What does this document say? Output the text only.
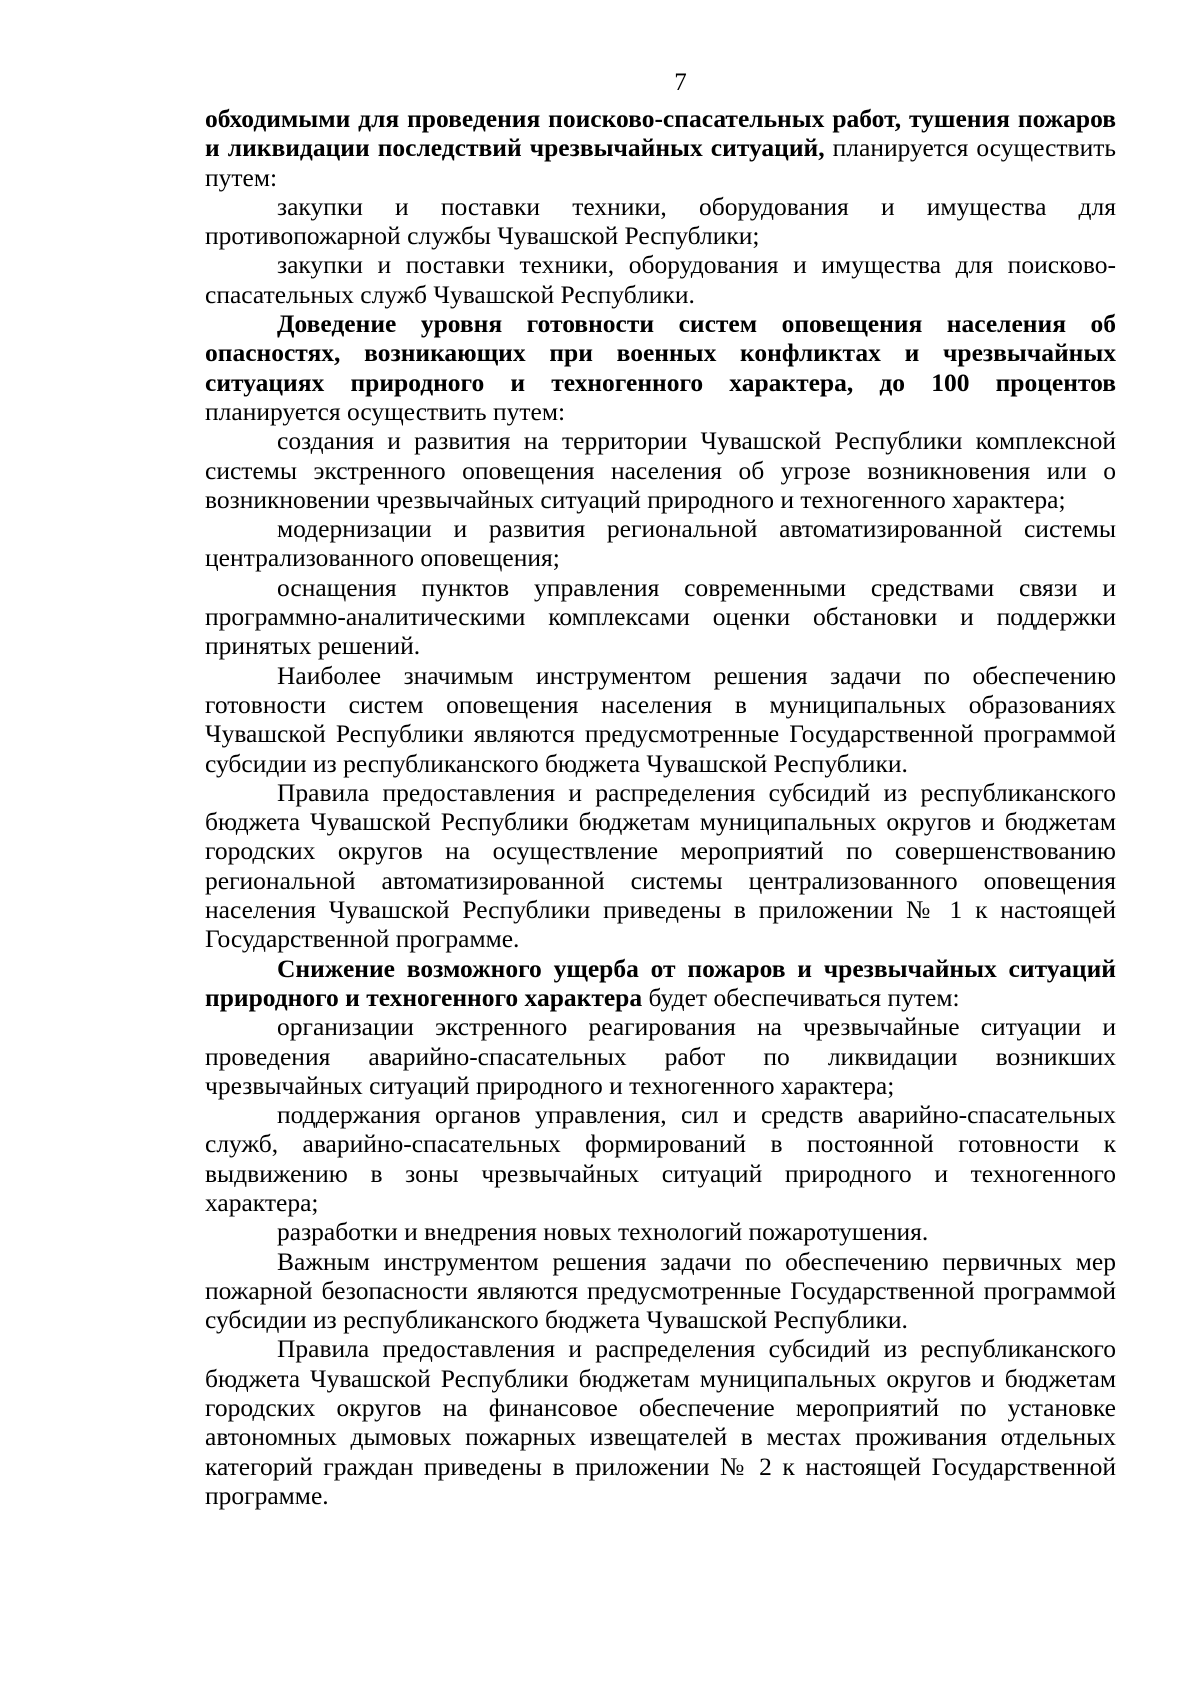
7

обходимыми для проведения поисково-спасательных работ, тушения пожаров и ликвидации последствий чрезвычайных ситуаций, планируется осуществить путем:

закупки и поставки техники, оборудования и имущества для противопожарной службы Чувашской Республики;

закупки и поставки техники, оборудования и имущества для поисково-спасательных служб Чувашской Республики.

Доведение уровня готовности систем оповещения населения об опасностях, возникающих при военных конфликтах и чрезвычайных ситуациях природного и техногенного характера, до 100 процентов планируется осуществить путем:

создания и развития на территории Чувашской Республики комплексной системы экстренного оповещения населения об угрозе возникновения или о возникновении чрезвычайных ситуаций природного и техногенного характера;

модернизации и развития региональной автоматизированной системы централизованного оповещения;

оснащения пунктов управления современными средствами связи и программно-аналитическими комплексами оценки обстановки и поддержки принятых решений.

Наиболее значимым инструментом решения задачи по обеспечению готовности систем оповещения населения в муниципальных образованиях Чувашской Республики являются предусмотренные Государственной программой субсидии из республиканского бюджета Чувашской Республики.

Правила предоставления и распределения субсидий из республиканского бюджета Чувашской Республики бюджетам муниципальных округов и бюджетам городских округов на осуществление мероприятий по совершенствованию региональной автоматизированной системы централизованного оповещения населения Чувашской Республики приведены в приложении № 1 к настоящей Государственной программе.

Снижение возможного ущерба от пожаров и чрезвычайных ситуаций природного и техногенного характера будет обеспечиваться путем:

организации экстренного реагирования на чрезвычайные ситуации и проведения аварийно-спасательных работ по ликвидации возникших чрезвычайных ситуаций природного и техногенного характера;

поддержания органов управления, сил и средств аварийно-спасательных служб, аварийно-спасательных формирований в постоянной готовности к выдвижению в зоны чрезвычайных ситуаций природного и техногенного характера;

разработки и внедрения новых технологий пожаротушения.

Важным инструментом решения задачи по обеспечению первичных мер пожарной безопасности являются предусмотренные Государственной программой субсидии из республиканского бюджета Чувашской Республики.

Правила предоставления и распределения субсидий из республиканского бюджета Чувашской Республики бюджетам муниципальных округов и бюджетам городских округов на финансовое обеспечение мероприятий по установке автономных дымовых пожарных извещателей в местах проживания отдельных категорий граждан приведены в приложении № 2 к настоящей Государственной программе.
